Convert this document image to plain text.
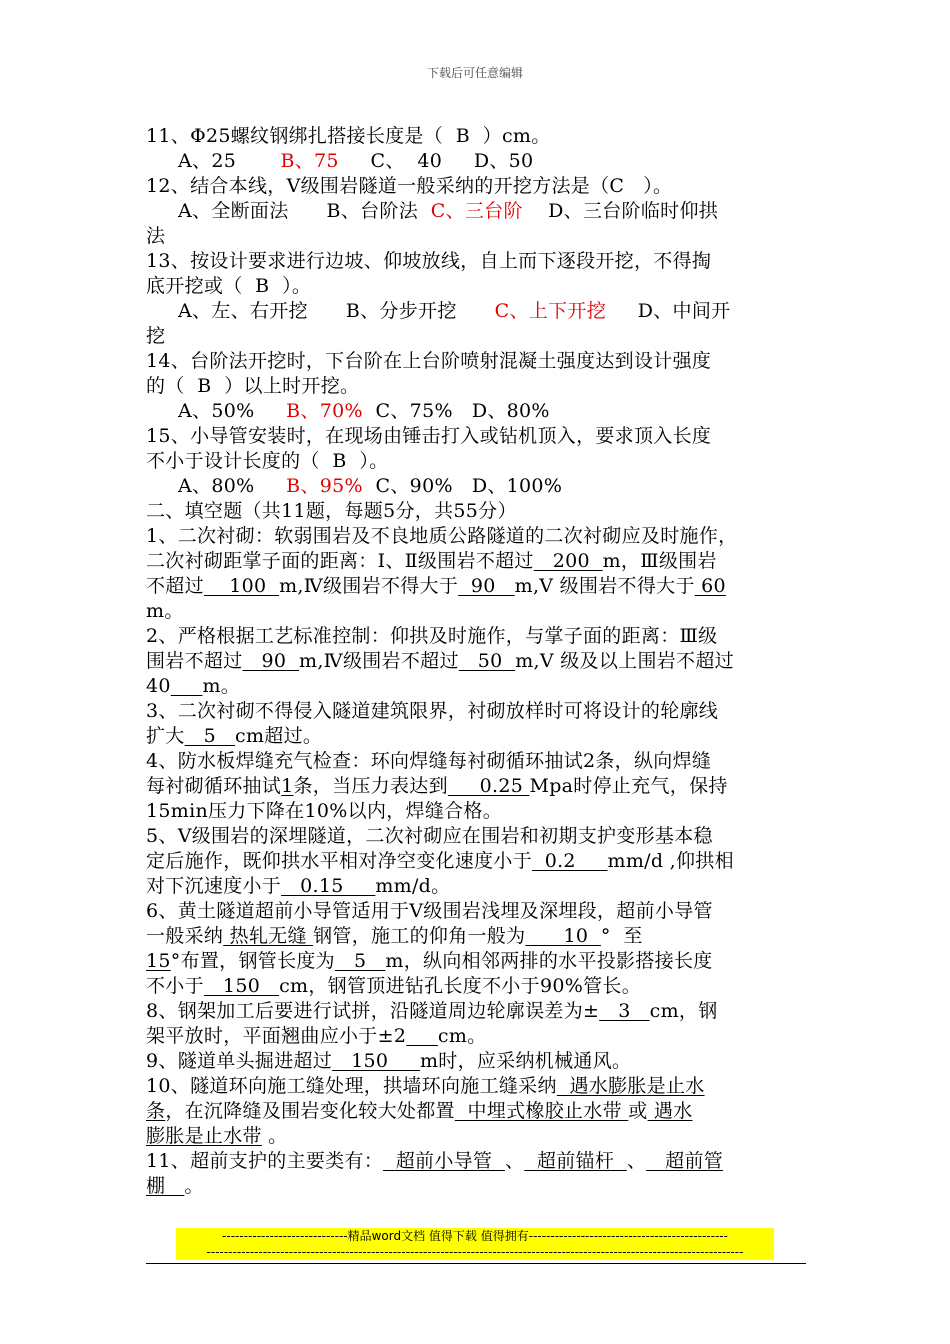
下载后可任意编辑
11、Φ25螺纹钢绑扎搭接长度是（  B  ）cm。
A、25       B、75     C、  40     D、50
12、结合本线，Ⅴ级围岩隧道一般采纳的开挖方法是（C   ）。
A、全断面法      B、台阶法  C、三台阶    D、三台阶临时仰拱
法
13、按设计要求进行边坡、仰坡放线，自上而下逐段开挖，不得掏
底开挖或（  B  ）。
A、左、右开挖      B、分步开挖      C、上下开挖     D、中间开
挖
14、台阶法开挖时，下台阶在上台阶喷射混凝土强度达到设计强度
的（  B  ）以上时开挖。
A、50%     B、70%  C、75%   D、80%
15、小导管安装时，在现场由锤击打入或钻机顶入，要求顶入长度
不小于设计长度的（  B  ）。
A、80%     B、95%  C、90%   D、100%
二、填空题（共11题，每题5分，共55分）
1、二次衬砌：软弱围岩及不良地质公路隧道的二次衬砌应及时施作，
二次衬砌距掌子面的距离：Ⅰ、Ⅱ级围岩不超过   200  m，Ⅲ级围岩
不超过    100  m,Ⅳ级围岩不得大于  90   m,Ⅴ 级围岩不得大于 60
m。
2、严格根据工艺标准控制：仰拱及时施作，与掌子面的距离：Ⅲ级
围岩不超过   90  m,Ⅳ级围岩不超过   50  m,Ⅴ 级及以上围岩不超过
40 m。
3、二次衬砌不得侵入隧道建筑限界，衬砌放样时可将设计的轮廓线
扩大   5   cm超过。
4、防水板焊缝充气检查：环向焊缝每衬砌循环抽试2条，纵向焊缝
每衬砌循环抽试1条，当压力表达到     0.25 Mpa时停止充气，保持
15min压力下降在10%以内，焊缝合格。
5、Ⅴ级围岩的深埋隧道，二次衬砌应在围岩和初期支护变形基本稳
定后施作，既仰拱水平相对净空变化速度小于  0.2     mm/d ,仰拱相
对下沉速度小于   0.15     mm/d。
6、黄土隧道超前小导管适用于Ⅴ级围岩浅埋及深埋段，超前小导管
一般采纳 热轧无缝 钢管，施工的仰角一般为      10  °  至
15°布置，钢管长度为   5   m，纵向相邻两排的水平投影搭接长度
不小于   150   cm，钢管顶进钻孔长度不小于90%管长。
8、钢架加工后要进行试拼，沿隧道周边轮廓误差为±   3   cm，钢
架平放时，平面翘曲应小于±2 cm。
9、隧道单头掘进超过   150     m时，应采纳机械通风。
10、隧道环向施工缝处理，拱墙环向施工缝采纳  遇水膨胀是止水
条，在沉降缝及围岩变化较大处都置  中埋式橡胶止水带 或 遇水
膨胀是止水带 。
11、超前支护的主要类有：  超前小导管  、  超前锚杆  、   超前管
棚   。
-----------------------------精品word文档 值得下载 值得拥有----------------------------------------------
----------------------------------------------------------------------------------------------------------------------------
